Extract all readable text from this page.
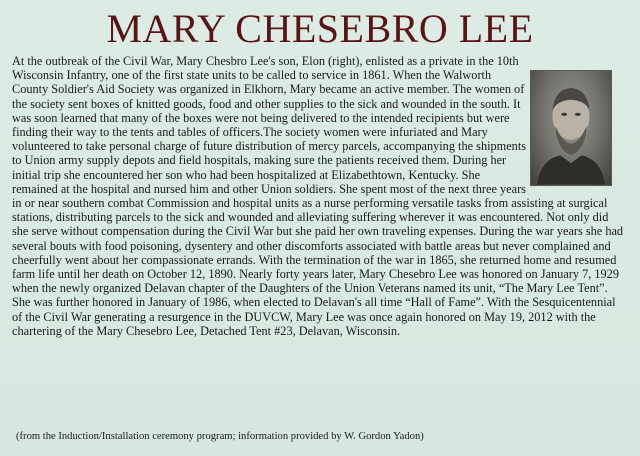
MARY CHESEBRO LEE

At the outbreak of the Civil War, Mary Chesbro Lee's son, Elon (right), enlisted as a private in the 10th Wisconsin Infantry, one of the first state units to be called to service in 1861. When the Walworth County Soldier's Aid Society was organized in Elkhorn, Mary became an active member. The women of the society sent boxes of knitted goods, food and other supplies to the sick and wounded in the south. It was soon learned that many of the boxes were not being delivered to the intended recipients but were finding their way to the tents and tables of officers.The society women were infuriated and Mary volunteered to take personal charge of future distribution of mercy parcels, accompanying the shipments to Union army supply depots and field hospitals, making sure the patients received them. During her initial trip she encountered her son who had been hospitalized at Elizabethtown, Kentucky. She remained at the hospital and nursed him and other Union soldiers. She spent most of the next three years in or near southern combat Commission and hospital units as a nurse performing versatile tasks from assisting at surgical stations, distributing parcels to the sick and wounded and alleviating suffering wherever it was encountered. Not only did she serve without compensation during the Civil War but she paid her own traveling expenses. During the war years she had several bouts with food poisoning, dysentery and other discomforts associated with battle areas but never complained and cheerfully went about her compassionate errands. With the termination of the war in 1865, she returned home and resumed farm life until her death on October 12, 1890. Nearly forty years later, Mary Chesebro Lee was honored on January 7, 1929 when the newly organized Delavan chapter of the Daughters of the Union Veterans named its unit, “The Mary Lee Tent”. She was further honored in January of 1986, when elected to Delavan's all time “Hall of Fame”. With the Sesquicentennial of the Civil War generating a resurgence in the DUVCW, Mary Lee was once again honored on May 19, 2012 with the chartering of the Mary Chesebro Lee, Detached Tent #23, Delavan, Wisconsin.

(from the Induction/Installation ceremony program; information provided by W. Gordon Yadon)
